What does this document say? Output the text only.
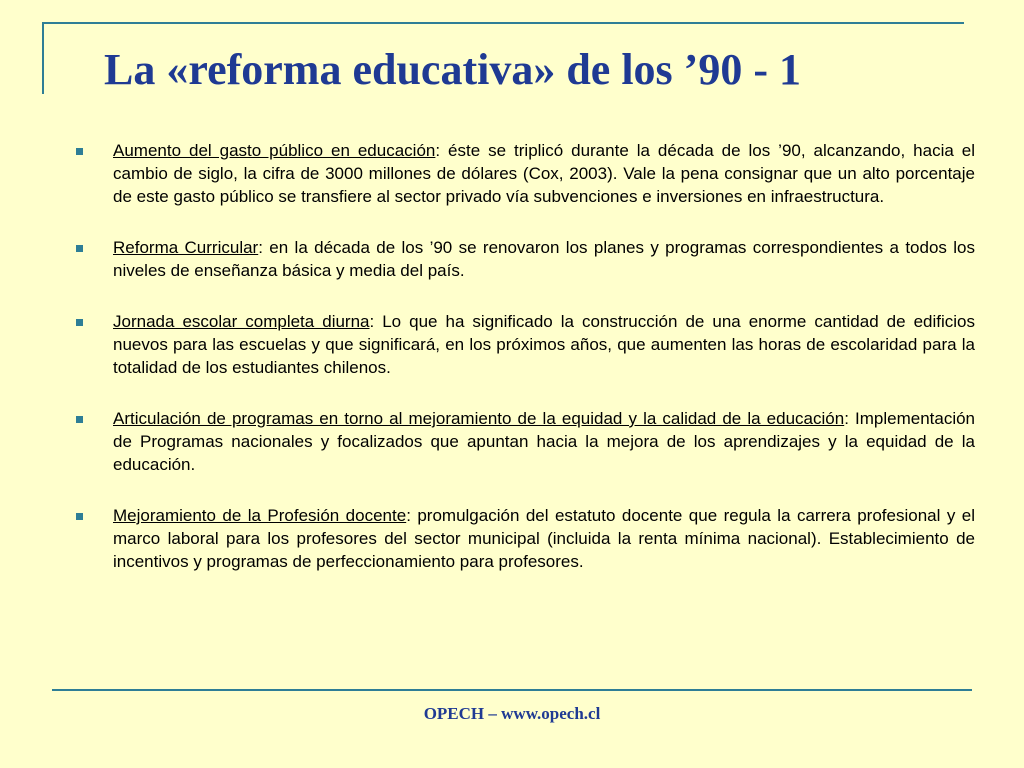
La «reforma educativa» de los ’90 - 1
Aumento del gasto público en educación: éste se triplicó durante la década de los ’90, alcanzando, hacia el cambio de siglo, la cifra de 3000 millones de dólares (Cox, 2003). Vale la pena consignar que un alto porcentaje de este gasto público se transfiere al sector privado vía subvenciones e inversiones en infraestructura.
Reforma Curricular: en la década de los ’90 se renovaron los planes y programas correspondientes a todos los niveles de enseñanza básica y media del país.
Jornada escolar completa diurna: Lo que ha significado la construcción de una enorme cantidad de edificios nuevos para las escuelas y que significará, en los próximos años, que aumenten las horas de escolaridad para la totalidad de los estudiantes chilenos.
Articulación de programas en torno al mejoramiento de la equidad y la calidad de la educación: Implementación de Programas nacionales y focalizados que apuntan hacia la mejora de los aprendizajes y la equidad de la educación.
Mejoramiento de la Profesión docente: promulgación del estatuto docente que regula la carrera profesional y el marco laboral para los profesores del sector municipal (incluida la renta mínima nacional). Establecimiento de incentivos y programas de perfeccionamiento para profesores.
OPECH – www.opech.cl
